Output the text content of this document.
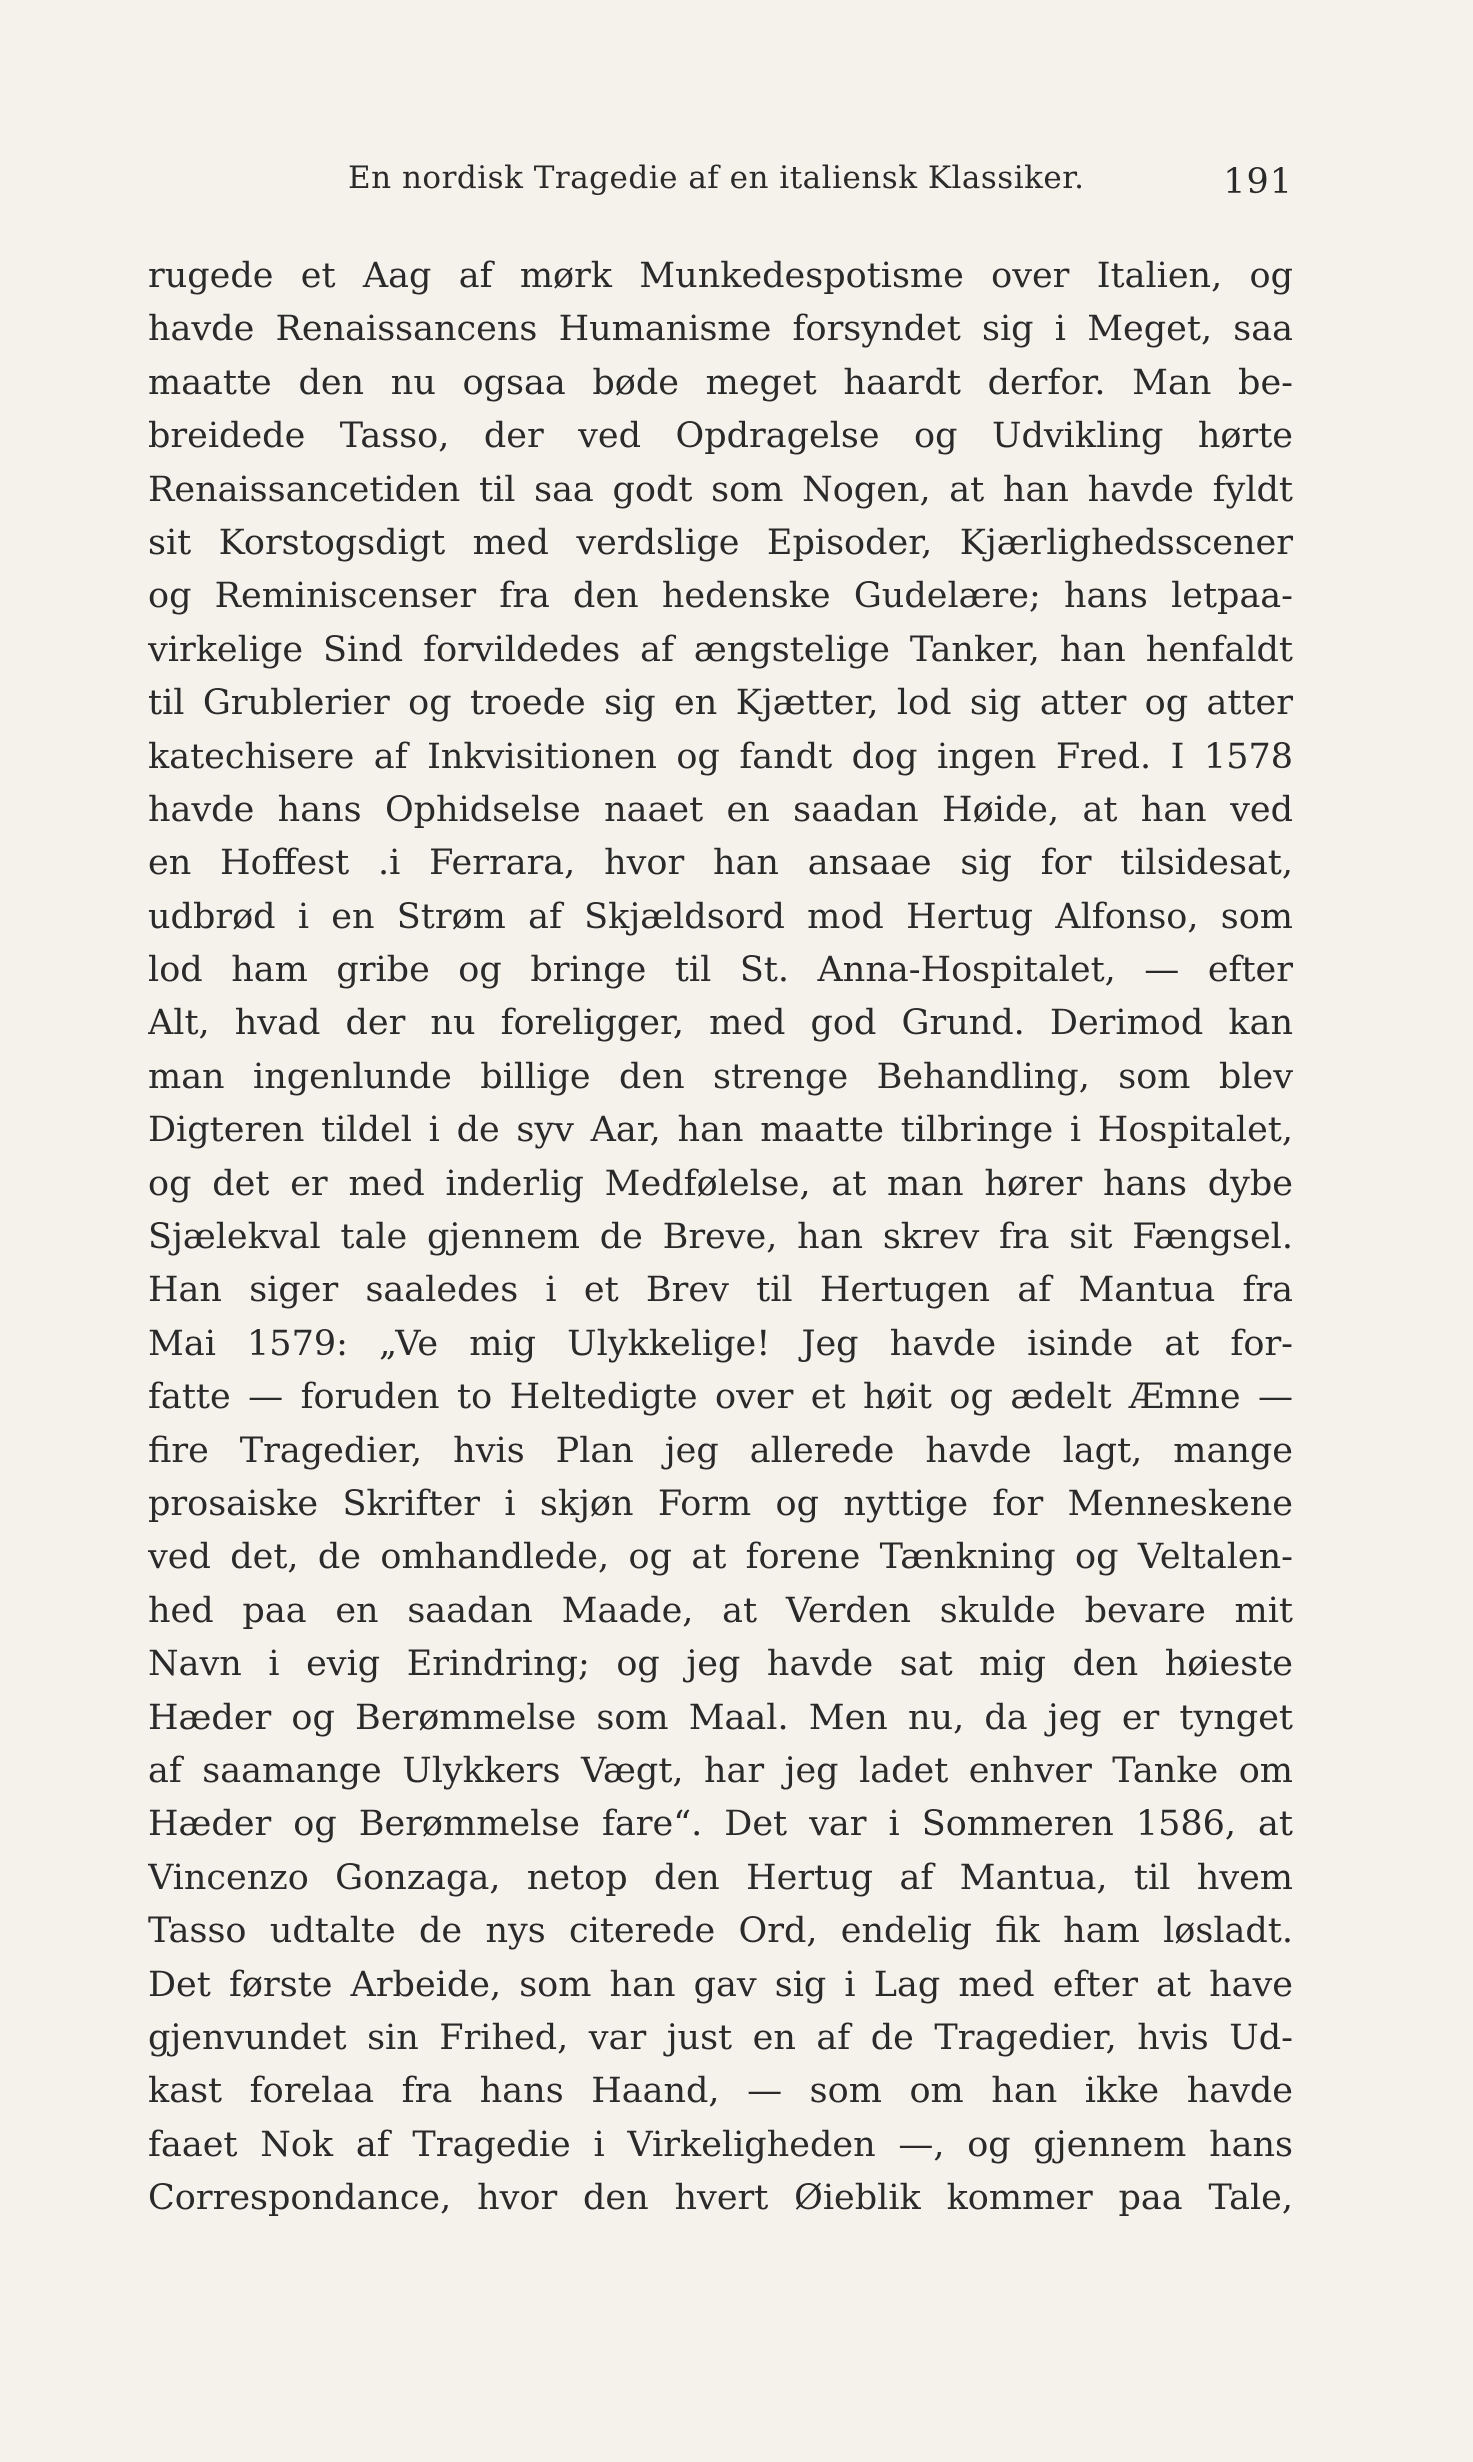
En nordisk Tragedie af en italiensk Klassiker.	191
rugede et Aag af mørk Munkedespotisme over Italien, og
havde Renaissancens Humanisme forsyndet sig i Meget, saa
maatte den nu ogsaa bøde meget haardt derfor. Man be-
breidede Tasso, der ved Opdragelse og Udvikling hørte
Renaissancetiden til saa godt som Nogen, at han havde fyldt
sit Korstogsdigt med verdslige Episoder, Kjærlighedsscener
og Reminiscenser fra den hedenske Gudelære; hans letpaa-
virkelige Sind forvildedes af ængstelige Tanker, han henfaldt
til Grublerier og troede sig en Kjætter, lod sig atter og atter
katechisere af Inkvisitionen og fandt dog ingen Fred. I 1578
havde hans Ophidselse naaet en saadan Høide, at han ved
en Hoffest .i Ferrara, hvor han ansaae sig for tilsidesat,
udbrød i en Strøm af Skjældsord mod Hertug Alfonso, som
lod ham gribe og bringe til St. Anna-Hospitalet, — efter
Alt, hvad der nu foreligger, med god Grund. Derimod kan
man ingenlunde billige den strenge Behandling, som blev
Digteren tildel i de syv Aar, han maatte tilbringe i Hospitalet,
og det er med inderlig Medfølelse, at man hører hans dybe
Sjælekval tale gjennem de Breve, han skrev fra sit Fængsel.
Han siger saaledes i et Brev til Hertugen af Mantua fra
Mai 1579: „Ve mig Ulykkelige! Jeg havde isinde at for-
fatte — foruden to Heltedigte over et høit og ædelt Æmne —
fire Tragedier, hvis Plan jeg allerede havde lagt, mange
prosaiske Skrifter i skjøn Form og nyttige for Menneskene
ved det, de omhandlede, og at forene Tænkning og Veltalen-
hed paa en saadan Maade, at Verden skulde bevare mit
Navn i evig Erindring; og jeg havde sat mig den høieste
Hæder og Berømmelse som Maal. Men nu, da jeg er tynget
af saamange Ulykkers Vægt, har jeg ladet enhver Tanke om
Hæder og Berømmelse fare“. Det var i Sommeren 1586, at
Vincenzo Gonzaga, netop den Hertug af Mantua, til hvem
Tasso udtalte de nys citerede Ord, endelig fik ham løsladt.
Det første Arbeide, som han gav sig i Lag med efter at have
gjenvundet sin Frihed, var just en af de Tragedier, hvis Ud-
kast forelaa fra hans Haand, — som om han ikke havde
faaet Nok af Tragedie i Virkeligheden —, og gjennem hans
Correspondance, hvor den hvert Øieblik kommer paa Tale,
